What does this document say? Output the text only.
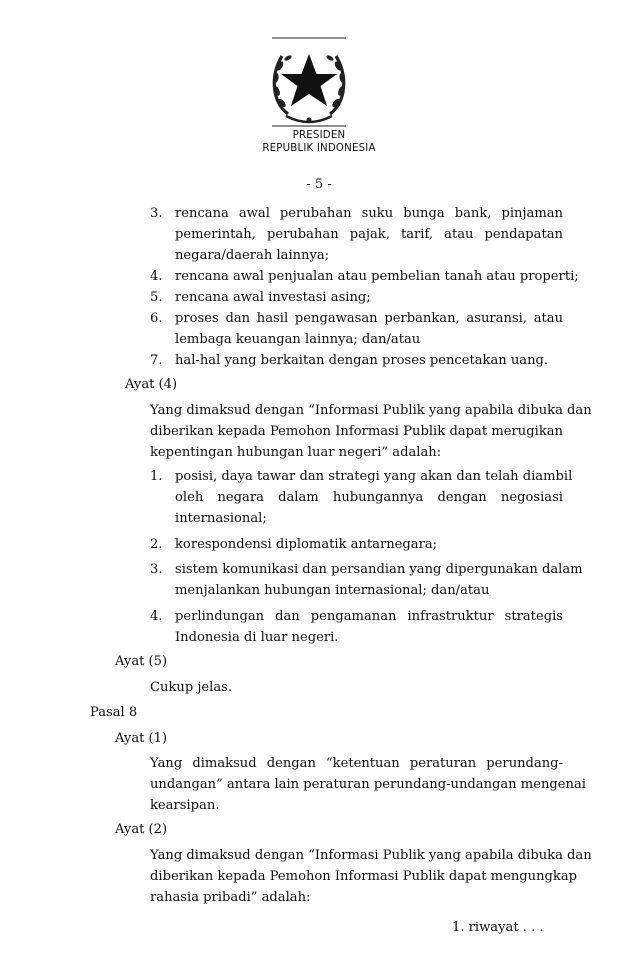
PRESIDEN
REPUBLIK INDONESIA
- 5 -
3. rencana awal perubahan suku bunga bank, pinjaman
pemerintah, perubahan pajak, tarif, atau pendapatan
negara/daerah lainnya;
4. rencana awal penjualan atau pembelian tanah atau properti;
5. rencana awal investasi asing;
6. proses dan hasil pengawasan perbankan, asuransi, atau
lembaga keuangan lainnya; dan/atau
7. hal-hal yang berkaitan dengan proses pencetakan uang.
Ayat (4)
Yang dimaksud dengan “Informasi Publik yang apabila dibuka dan
diberikan kepada Pemohon Informasi Publik dapat merugikan
kepentingan hubungan luar negeri” adalah:
1. posisi, daya tawar dan strategi yang akan dan telah diambil
oleh negara dalam hubungannya dengan negosiasi
internasional;
2. korespondensi diplomatik antarnegara;
3. sistem komunikasi dan persandian yang dipergunakan dalam
menjalankan hubungan internasional; dan/atau
4. perlindungan dan pengamanan infrastruktur strategis
Indonesia di luar negeri.
Ayat (5)
Cukup jelas.
Pasal 8
Ayat (1)
Yang dimaksud dengan “ketentuan peraturan perundang-
undangan” antara lain peraturan perundang-undangan mengenai
kearsipan.
Ayat (2)
Yang dimaksud dengan “Informasi Publik yang apabila dibuka dan
diberikan kepada Pemohon Informasi Publik dapat mengungkap
rahasia pribadi” adalah:
1. riwayat . . .
